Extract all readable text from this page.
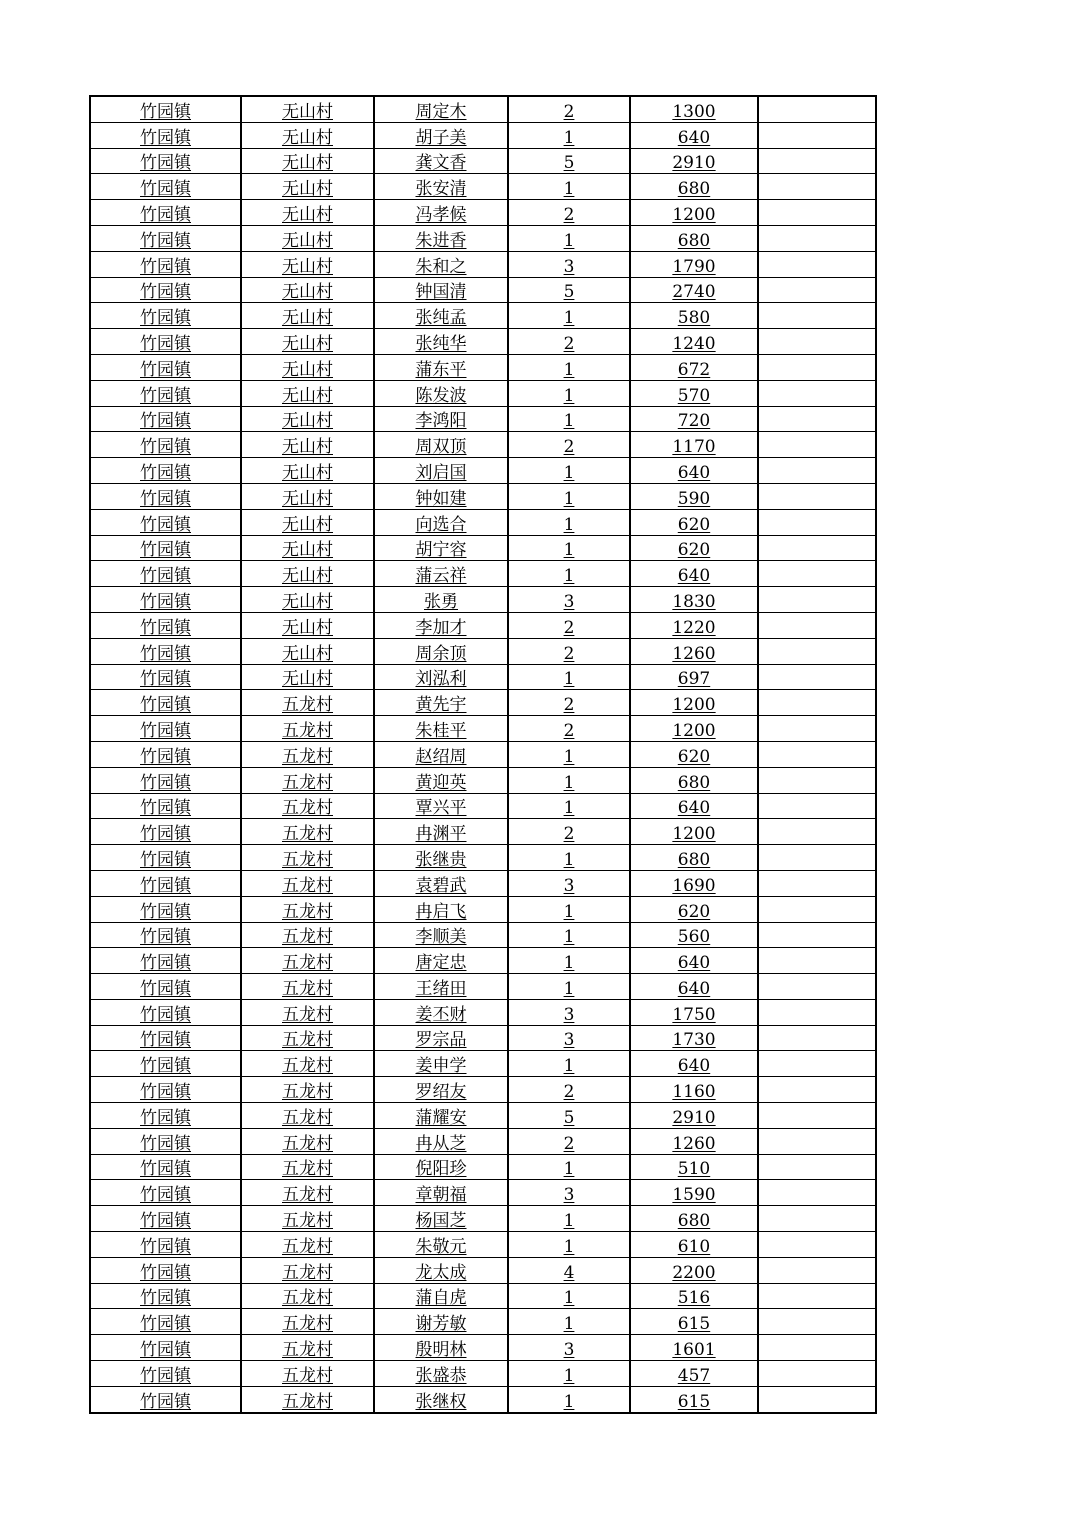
竹园镇	无山村	周定木	2	1300	
竹园镇	无山村	胡子美	1	640	
竹园镇	无山村	龚文香	5	2910	
竹园镇	无山村	张安清	1	680	
竹园镇	无山村	冯孝候	2	1200	
竹园镇	无山村	朱进香	1	680	
竹园镇	无山村	朱和之	3	1790	
竹园镇	无山村	钟国清	5	2740	
竹园镇	无山村	张纯孟	1	580	
竹园镇	无山村	张纯华	2	1240	
竹园镇	无山村	蒲东平	1	672	
竹园镇	无山村	陈发波	1	570	
竹园镇	无山村	李鸿阳	1	720	
竹园镇	无山村	周双顶	2	1170	
竹园镇	无山村	刘启国	1	640	
竹园镇	无山村	钟如建	1	590	
竹园镇	无山村	向选合	1	620	
竹园镇	无山村	胡宁容	1	620	
竹园镇	无山村	蒲云祥	1	640	
竹园镇	无山村	张勇	3	1830	
竹园镇	无山村	李加才	2	1220	
竹园镇	无山村	周余顶	2	1260	
竹园镇	无山村	刘泓利	1	697	
竹园镇	五龙村	黄先宇	2	1200	
竹园镇	五龙村	朱桂平	2	1200	
竹园镇	五龙村	赵绍周	1	620	
竹园镇	五龙村	黄迎英	1	680	
竹园镇	五龙村	覃兴平	1	640	
竹园镇	五龙村	冉渊平	2	1200	
竹园镇	五龙村	张继贵	1	680	
竹园镇	五龙村	袁碧武	3	1690	
竹园镇	五龙村	冉启飞	1	620	
竹园镇	五龙村	李顺美	1	560	
竹园镇	五龙村	唐定忠	1	640	
竹园镇	五龙村	王绪田	1	640	
竹园镇	五龙村	姜丕财	3	1750	
竹园镇	五龙村	罗宗品	3	1730	
竹园镇	五龙村	姜申学	1	640	
竹园镇	五龙村	罗绍友	2	1160	
竹园镇	五龙村	蒲耀安	5	2910	
竹园镇	五龙村	冉从芝	2	1260	
竹园镇	五龙村	倪阳珍	1	510	
竹园镇	五龙村	章朝福	3	1590	
竹园镇	五龙村	杨国芝	1	680	
竹园镇	五龙村	朱敬元	1	610	
竹园镇	五龙村	龙太成	4	2200	
竹园镇	五龙村	蒲自虎	1	516	
竹园镇	五龙村	谢芳敏	1	615	
竹园镇	五龙村	殷明林	3	1601	
竹园镇	五龙村	张盛恭	1	457	
竹园镇	五龙村	张继权	1	615	
